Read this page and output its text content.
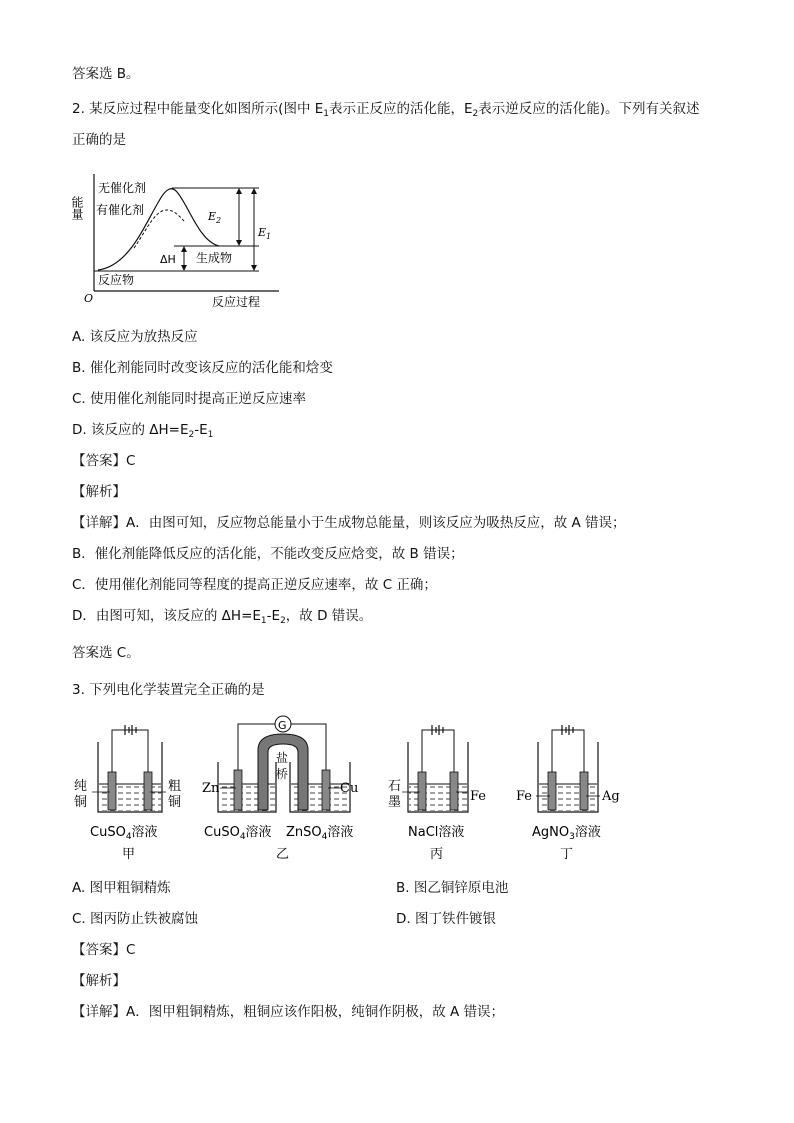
答案选 B。
2. 某反应过程中能量变化如图所示(图中 $E_1$表示正反应的活化能，$E_2$表示逆反应的活化能)。下列有关叙述
正确的是
能量
无催化剂
有催化剂	$E_2$
$E_1$
ΔH 生成物
反应物
O	反应过程
A. 该反应为放热反应
B. 催化剂能同时改变该反应的活化能和焓变
C. 使用催化剂能同时提高正逆反应速率
D. 该反应的 $\Delta H=E_2-E_1$
【答案】C
【解析】
【详解】A．由图可知，反应物总能量小于生成物总能量，则该反应为吸热反应，故 A 错误；
B．催化剂能降低反应的活化能，不能改变反应焓变，故 B 错误；
C．使用催化剂能同等程度的提高正逆反应速率，故 C 正确；
D．由图可知，该反应的 $\Delta H=E_1-E_2$，故 D 错误。
答案选 C。
3. 下列电化学装置完全正确的是
纯铜
粗铜
CuSO$_4$溶液
甲
G
盐桥
Zn	Cu
CuSO$_4$溶液 ZnSO$_4$溶液
乙
石墨	Fe
NaCl溶液
丙
Fe	Ag
AgNO$_3$溶液
丁
A. 图甲粗铜精炼	B. 图乙铜锌原电池
C. 图丙防止铁被腐蚀	D. 图丁铁件镀银
【答案】C
【解析】
【详解】A．图甲粗铜精炼，粗铜应该作阳极，纯铜作阴极，故 A 错误；
